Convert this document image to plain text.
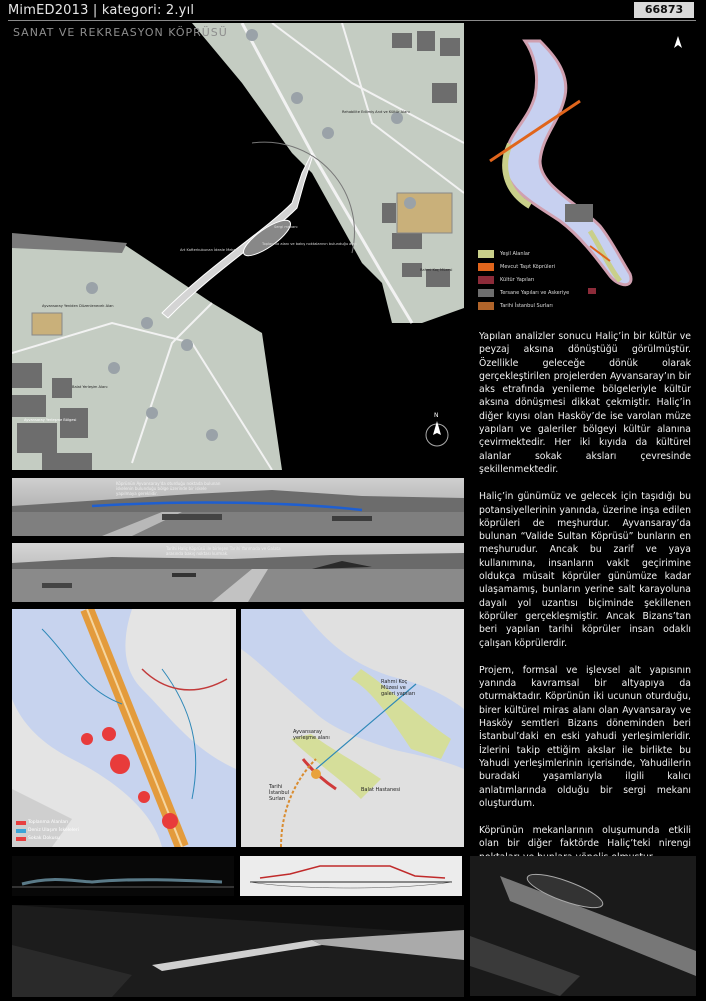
MimED2013 | kategori: 2.yıl	66873
N
Rehabilite Edilmiş Anıt ve Kültür Alanı
Sergi mekanı
Toplanma alanı ve bakış noktalarının bulunduğu alan
Art Kafterkubunan İdeale Mekanı
Rahmi Koç Müzesi
Ayvansaray Yeniden Düzenlenecek Alan
Ayvansaray Yerleşme Bölgesi
Balat Yerleşim Alanı
SANAT VE REKREASYON KÖPRÜSÜ
Yeşil Alanlar
Mevcut Taşıt Köprüleri
Kültür Yapıları
Tersane Yapıları ve Askeriye
Tarihi İstanbul Surları

Yapılan analizler sonucu Haliç’in bir kültür ve peyzaj aksına dönüştüğü görülmüştür. Özellikle geleceğe dönük olarak gerçekleştirilen projelerden Ayvansaray’ın bir aks etrafında yenileme bölgeleriyle kültür aksına dönüşmesi dikkat çekmiştir. Haliç’in diğer kıyısı olan Hasköy’de ise varolan müze yapıları ve galeriler bölgeyi kültür alanına çevirmektedir. Her iki kıyıda da kültürel alanlar sokak aksları çevresinde şekillenmektedir.

Haliç’in günümüz ve gelecek için taşıdığı bu potansiyellerinin yanında, üzerine inşa edilen köprüleri de meşhurdur. Ayvansaray’da bulunan “Valide Sultan Köprüsü” bunların en meşhurudur. Ancak bu zarif ve yaya kullanımına, insanların vakit geçirimine oldukça müsait köprüler günümüze kadar ulaşamamış, bunların yerine salt karayoluna dayalı yol uzantısı biçiminde şekillenen köprüler gerçekleşmiştir. Ancak Bizans’tan beri yapılan tarihi köprüler insan odaklı çalışan köprülerdir.

Projem, formsal ve işlevsel alt yapısının yanında kavramsal bir altyapıya da oturmaktadır. Köprünün iki ucunun oturduğu, birer kültürel miras alanı olan Ayvansaray ve Hasköy semtleri Bizans döneminden beri İstanbul’daki en eski yahudi yerleşimleridir. İzlerini takip ettiğim akslar ile birlikte bu Yahudi yerleşimlerinin içerisinde, Yahudilerin buradaki yaşamlarıyla ilgili kalıcı anlatımlarında olduğu bir sergi mekanı oluşturdum.

Köprünün mekanlarının oluşumunda etkili olan bir diğer faktörde Haliç’teki nirengi

Köprünün Ayvansaray'da oturduğu noktada bulunan iskelenin bulunduğu bölge üzerinde bir iskele yapılmaya gereklidir.
Tarihi Haliç Köprüsü ile birleşen Tarihi Yarımada ve Galata arasında bakış noktası kurmak.
Toplanma Alanları
Deniz Ulaşım İskeleleri
Sokak Dokusu
Rahmi Koç Müzesi ve galeri yapıları
Ayvansaray yerleşme alanı
Tarihi İstanbul Surları
Balat Hastanesi
